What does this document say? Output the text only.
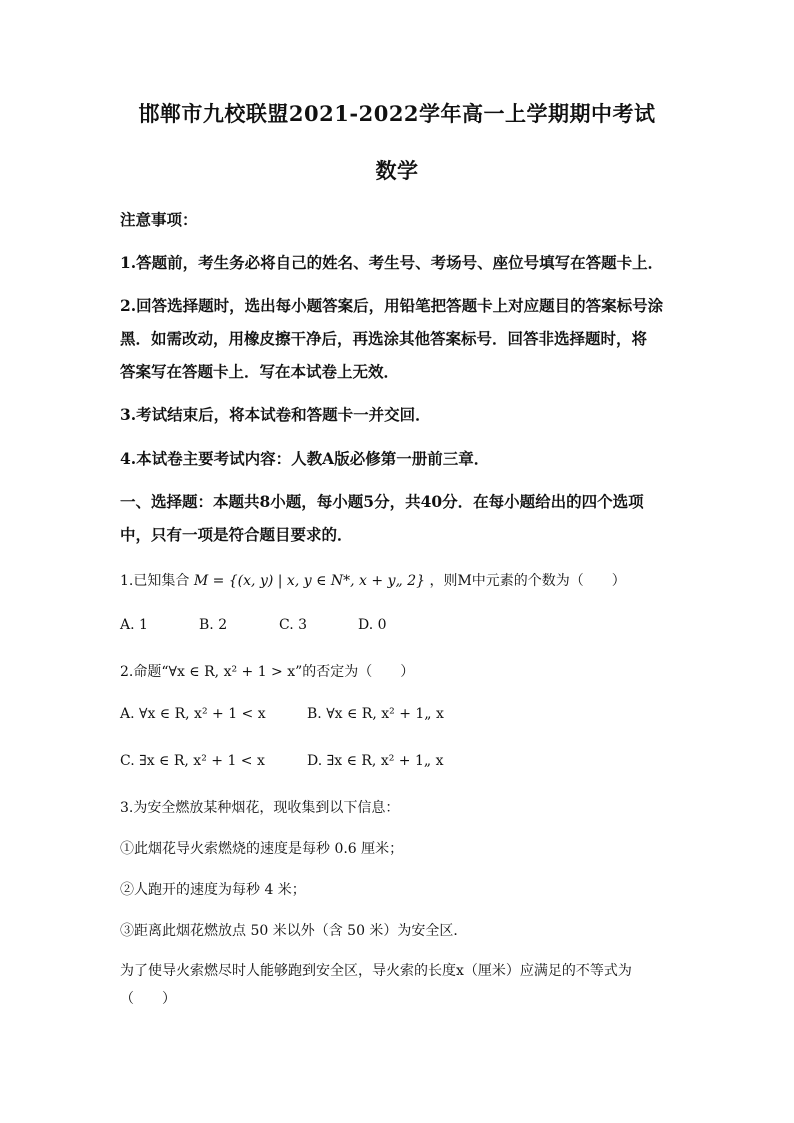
邯郸市九校联盟2021-2022学年高一上学期期中考试
数学
注意事项：
1.答题前，考生务必将自己的姓名、考生号、考场号、座位号填写在答题卡上．
2.回答选择题时，选出每小题答案后，用铅笔把答题卡上对应题目的答案标号涂
黑．如需改动，用橡皮擦干净后，再选涂其他答案标号．回答非选择题时，将
答案写在答题卡上．写在本试卷上无效．
3.考试结束后，将本试卷和答题卡一并交回．
4.本试卷主要考试内容：人教A版必修第一册前三章．
一、选择题：本题共8小题，每小题5分，共40分．在每小题给出的四个选项
中，只有一项是符合题目要求的．
1.已知集合 M = {(x, y) | x, y ∈ N*, x + y„ 2} ，则M中元素的个数为（　　）
A. 1	B. 2	C. 3	D. 0
2.命题“∀x ∈ R, x² + 1 > x”的否定为（　　）
A. ∀x ∈ R, x² + 1 < x	B. ∀x ∈ R, x² + 1„ x
C. ∃x ∈ R, x² + 1 < x	D. ∃x ∈ R, x² + 1„ x
3.为安全燃放某种烟花，现收集到以下信息：
①此烟花导火索燃烧的速度是每秒 0.6 厘米；
②人跑开的速度为每秒 4 米；
③距离此烟花燃放点 50 米以外（含 50 米）为安全区．
为了使导火索燃尽时人能够跑到安全区，导火索的长度x（厘米）应满足的不等式为
（　　）
